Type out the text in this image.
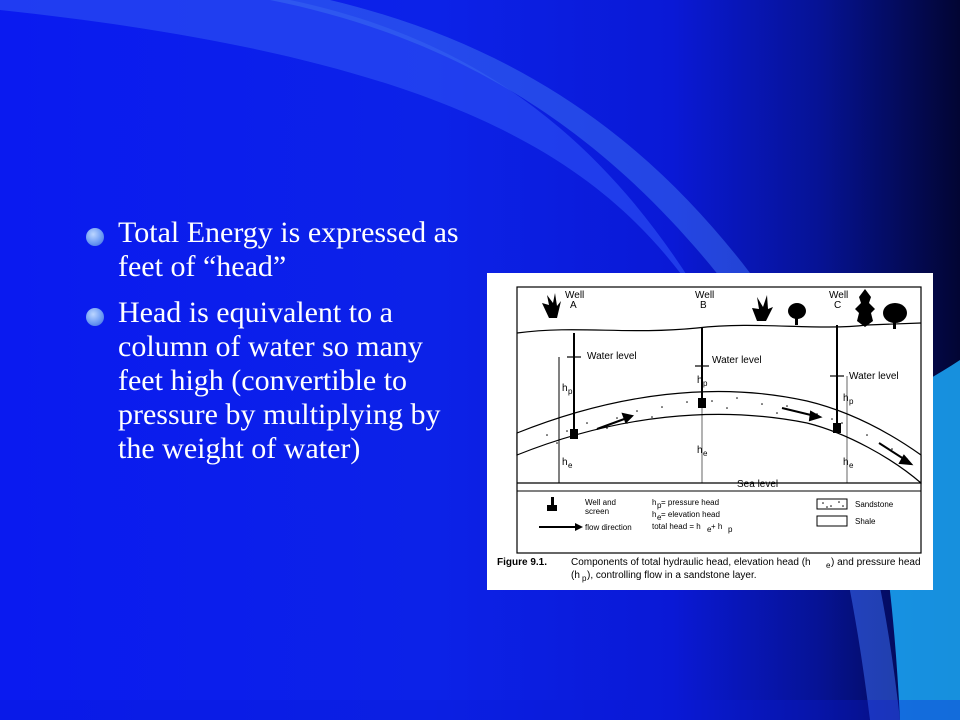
Total Energy is expressed as feet of “head”
Head is equivalent to a column of water so many feet high (convertible to pressure by multiplying by the weight of water)
Sea level
Well
A
Water level
h p
h e
Well
B
Water level
h p
h e
Well
C
Water level
h p
h e
Well and
screen
flow direction
h p = pressure head
h e = elevation head
total head = h e + h p
Sandstone
Shale
Figure 9.1. Components of total hydraulic head, elevation head (h e ) and pressure head
(h p ), controlling flow in a sandstone layer.
